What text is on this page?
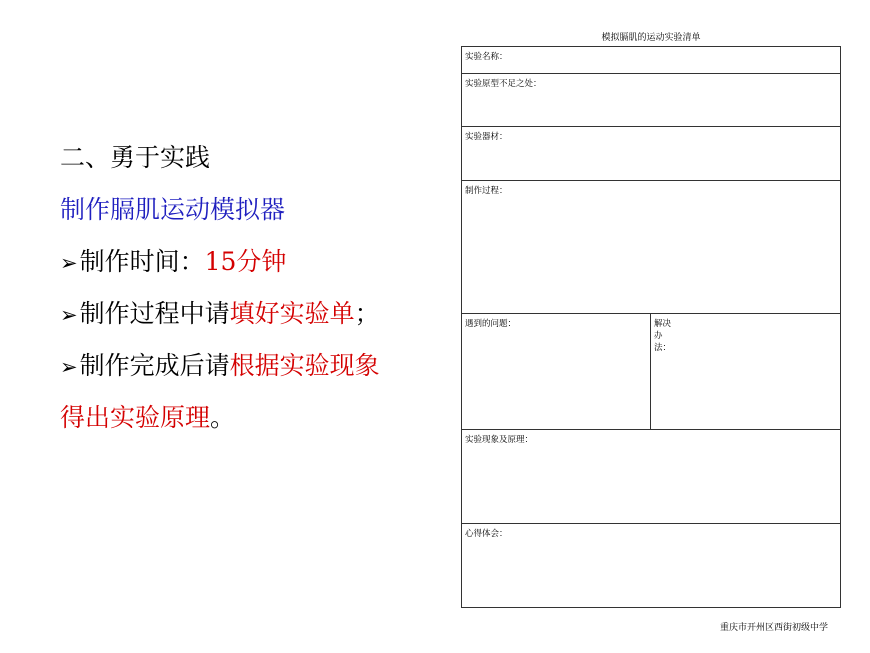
二、勇于实践
制作膈肌运动模拟器
➢制作时间：15分钟
➢制作过程中请填好实验单；
➢制作完成后请根据实验现象
得出实验原理。
模拟膈肌的运动实验清单
实验名称：
实验原型不足之处：
实验器材：
制作过程：
遇到的问题：	解决办法：
实验现象及原理：
心得体会：
重庆市开州区西街初级中学
